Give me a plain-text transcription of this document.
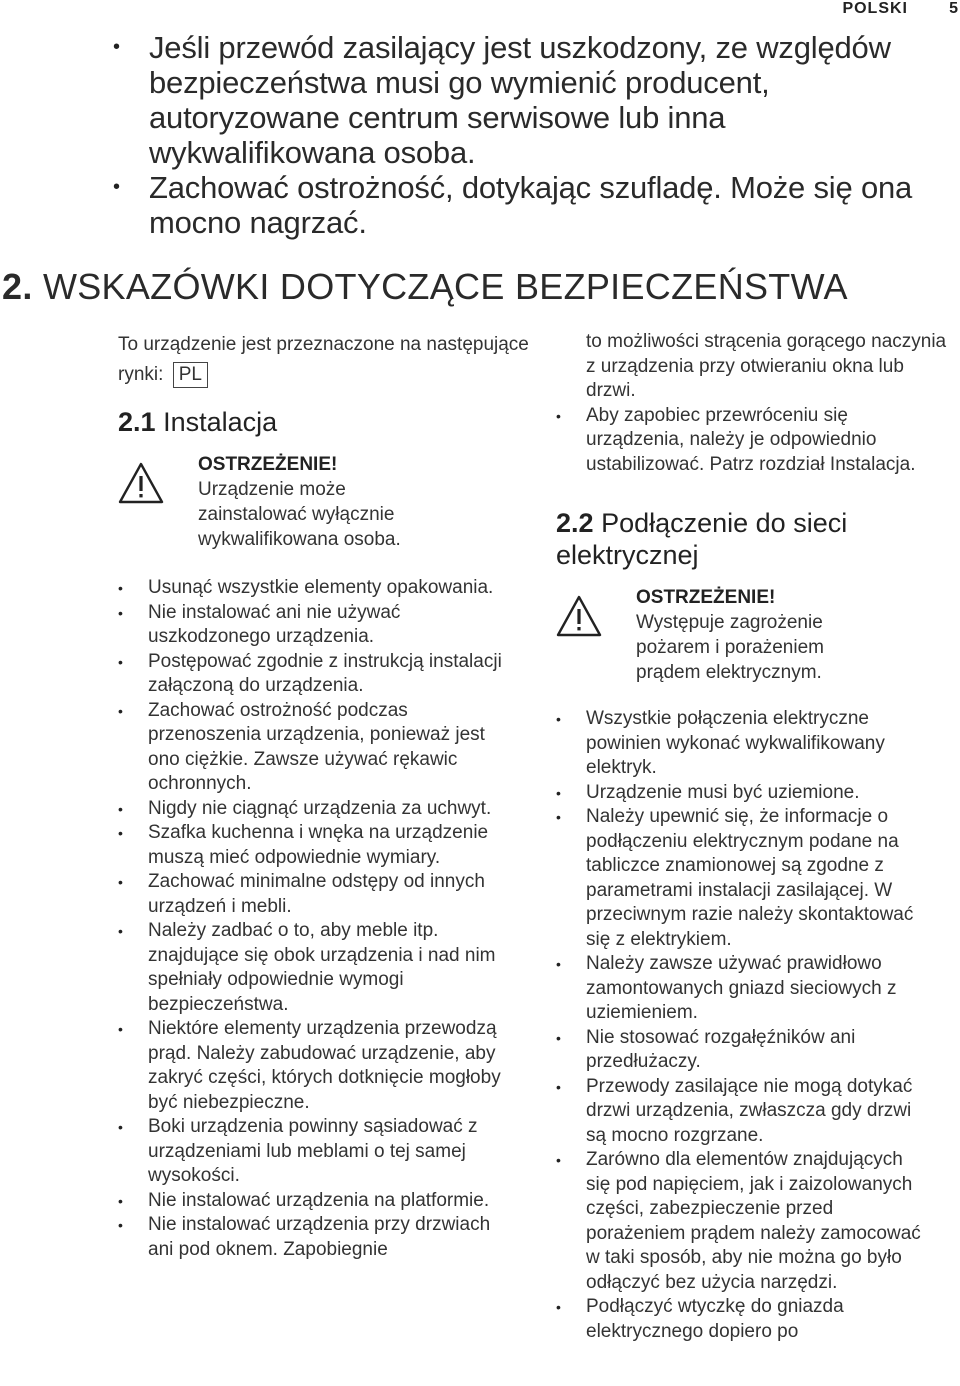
POLSKI	5
• Jeśli przewód zasilający jest uszkodzony, ze względów bezpieczeństwa musi go wymienić producent, autoryzowane centrum serwisowe lub inna wykwalifikowana osoba.
• Zachować ostrożność, dotykając szufladę. Może się ona mocno nagrzać.
2. WSKAZÓWKI DOTYCZĄCE BEZPIECZEŃSTWA

To urządzenie jest przeznaczone na następujące rynki: PL

2.1 Instalacja
OSTRZEŻENIE!
Urządzenie może zainstalować wyłącznie wykwalifikowana osoba.
• Usunąć wszystkie elementy opakowania.
• Nie instalować ani nie używać uszkodzonego urządzenia.
• Postępować zgodnie z instrukcją instalacji załączoną do urządzenia.
• Zachować ostrożność podczas przenoszenia urządzenia, ponieważ jest ono ciężkie. Zawsze używać rękawic ochronnych.
• Nigdy nie ciągnąć urządzenia za uchwyt.
• Szafka kuchenna i wnęka na urządzenie muszą mieć odpowiednie wymiary.
• Zachować minimalne odstępy od innych urządzeń i mebli.
• Należy zadbać o to, aby meble itp. znajdujące się obok urządzenia i nad nim spełniały odpowiednie wymogi bezpieczeństwa.
• Niektóre elementy urządzenia przewodzą prąd. Należy zabudować urządzenie, aby zakryć części, których dotknięcie mogłoby być niebezpieczne.
• Boki urządzenia powinny sąsiadować z urządzeniami lub meblami o tej samej wysokości.
• Nie instalować urządzenia na platformie.
• Nie instalować urządzenia przy drzwiach ani pod oknem. Zapobiegnie

to możliwości strącenia gorącego naczynia z urządzenia przy otwieraniu okna lub drzwi.

• Aby zapobiec przewróceniu się urządzenia, należy je odpowiednio ustabilizować. Patrz rozdział Instalacja.
2.2 Podłączenie do sieci elektrycznej
OSTRZEŻENIE!
Występuje zagrożenie pożarem i porażeniem prądem elektrycznym.
• Wszystkie połączenia elektryczne powinien wykonać wykwalifikowany elektryk.
• Urządzenie musi być uziemione.
• Należy upewnić się, że informacje o podłączeniu elektrycznym podane na tabliczce znamionowej są zgodne z parametrami instalacji zasilającej. W przeciwnym razie należy skontaktować się z elektrykiem.
• Należy zawsze używać prawidłowo zamontowanych gniazd sieciowych z uziemieniem.
• Nie stosować rozgałęźników ani przedłużaczy.
• Przewody zasilające nie mogą dotykać drzwi urządzenia, zwłaszcza gdy drzwi są mocno rozgrzane.
• Zarówno dla elementów znajdujących się pod napięciem, jak i zaizolowanych części, zabezpieczenie przed porażeniem prądem należy zamocować w taki sposób, aby nie można go było odłączyć bez użycia narzędzi.
• Podłączyć wtyczkę do gniazda elektrycznego dopiero po
